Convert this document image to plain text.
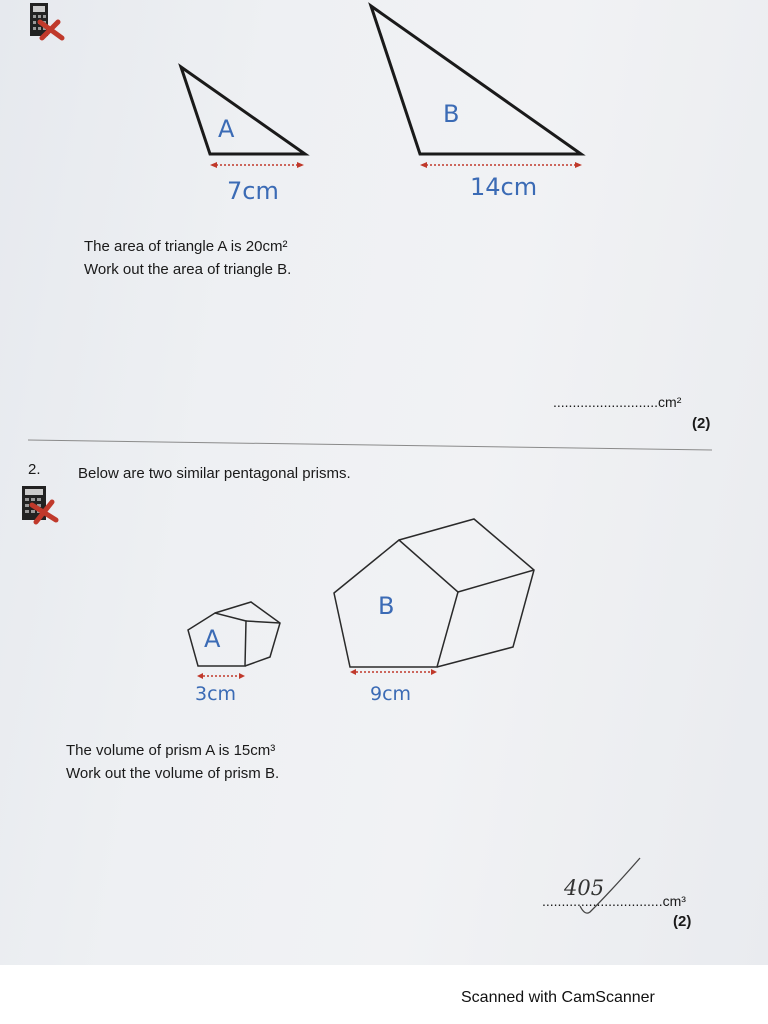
A
B
7cm	14cm
The area of triangle A is 20cm²
Work out the area of triangle B.
...........................cm²
(2)
2. Below are two similar pentagonal prisms.
A
B
3cm	9cm
The volume of prism A is 15cm³
Work out the volume of prism B.
405
...............................cm³
(2)
Scanned with CamScanner
